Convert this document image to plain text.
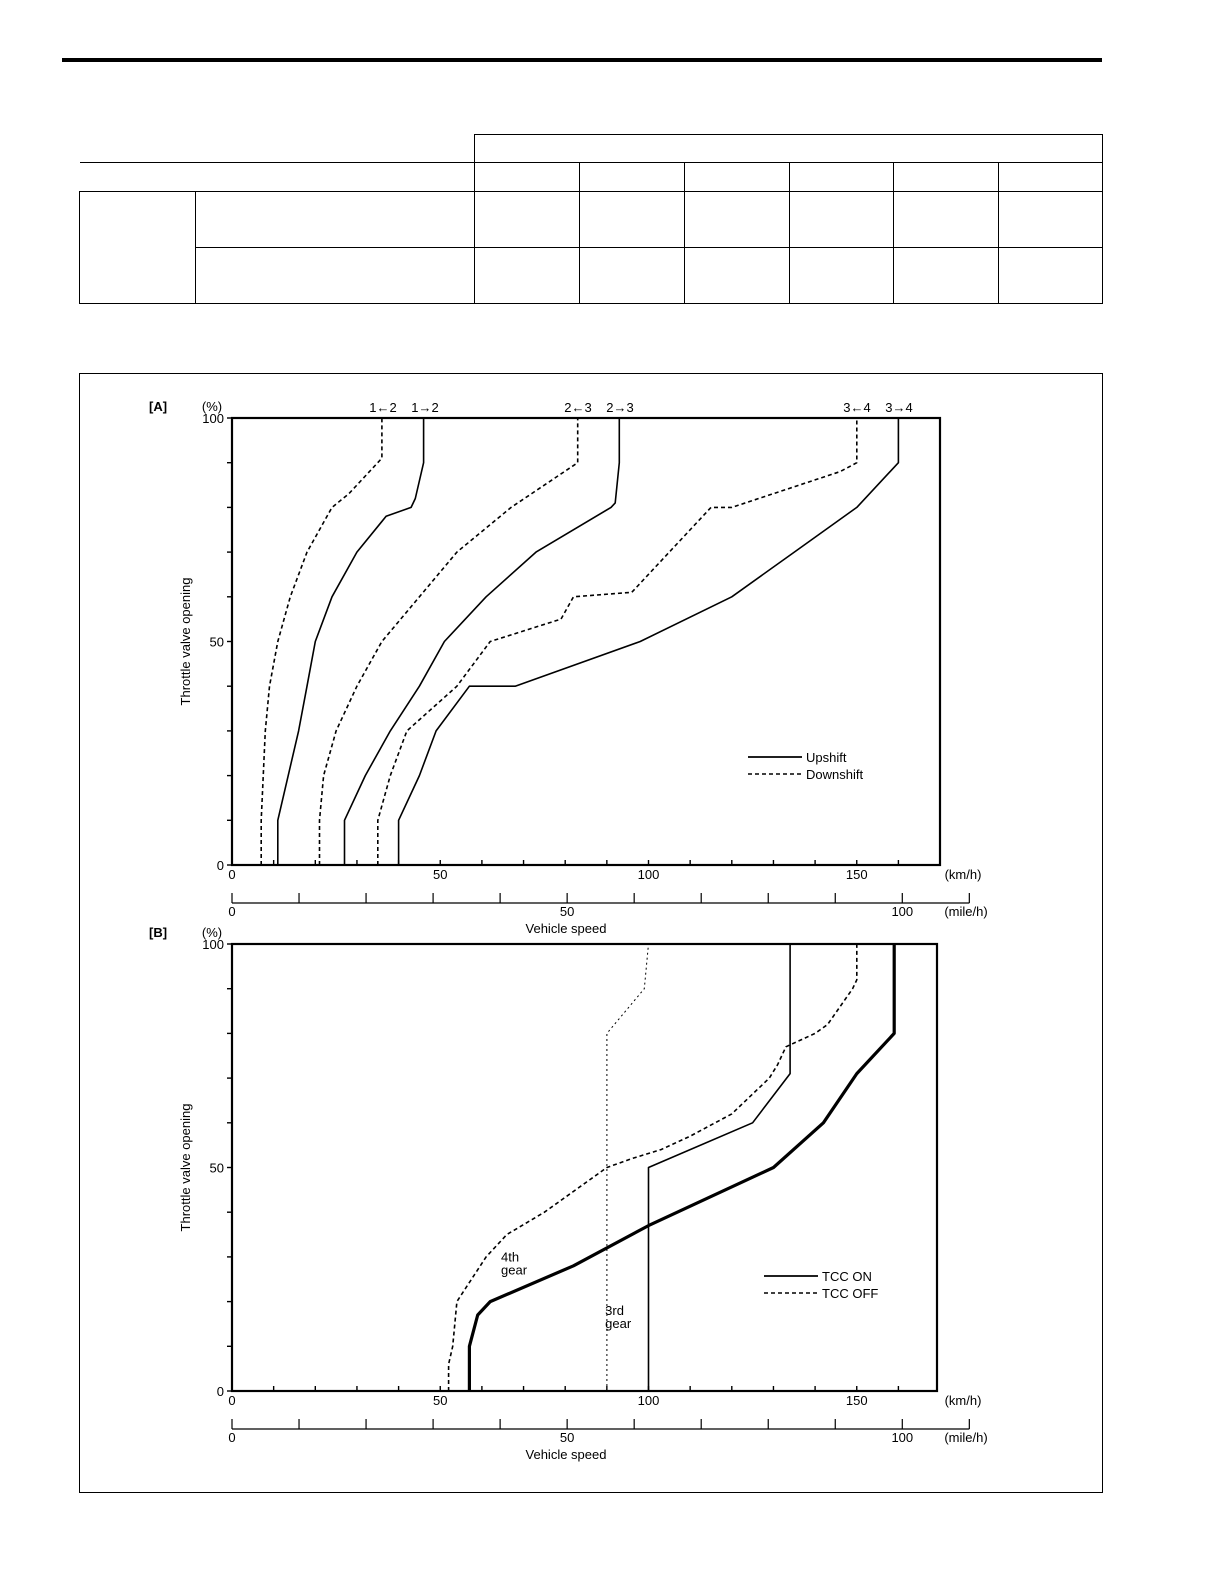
[A]	(%)
0
50
100
Throttle valve opening
0	50	100	150	(km/h)
0	50	100 (mile/h)
Vehicle speed
1←2 1→2	2←3 2→3	3←4 3→4
Upshift
Downshift
[B]	(%)
0
50
100
Throttle valve opening
0	50	100	150	(km/h)
0	50	100 (mile/h)
Vehicle speed
4th
gear
3rd
gear
TCC ON
TCC OFF
